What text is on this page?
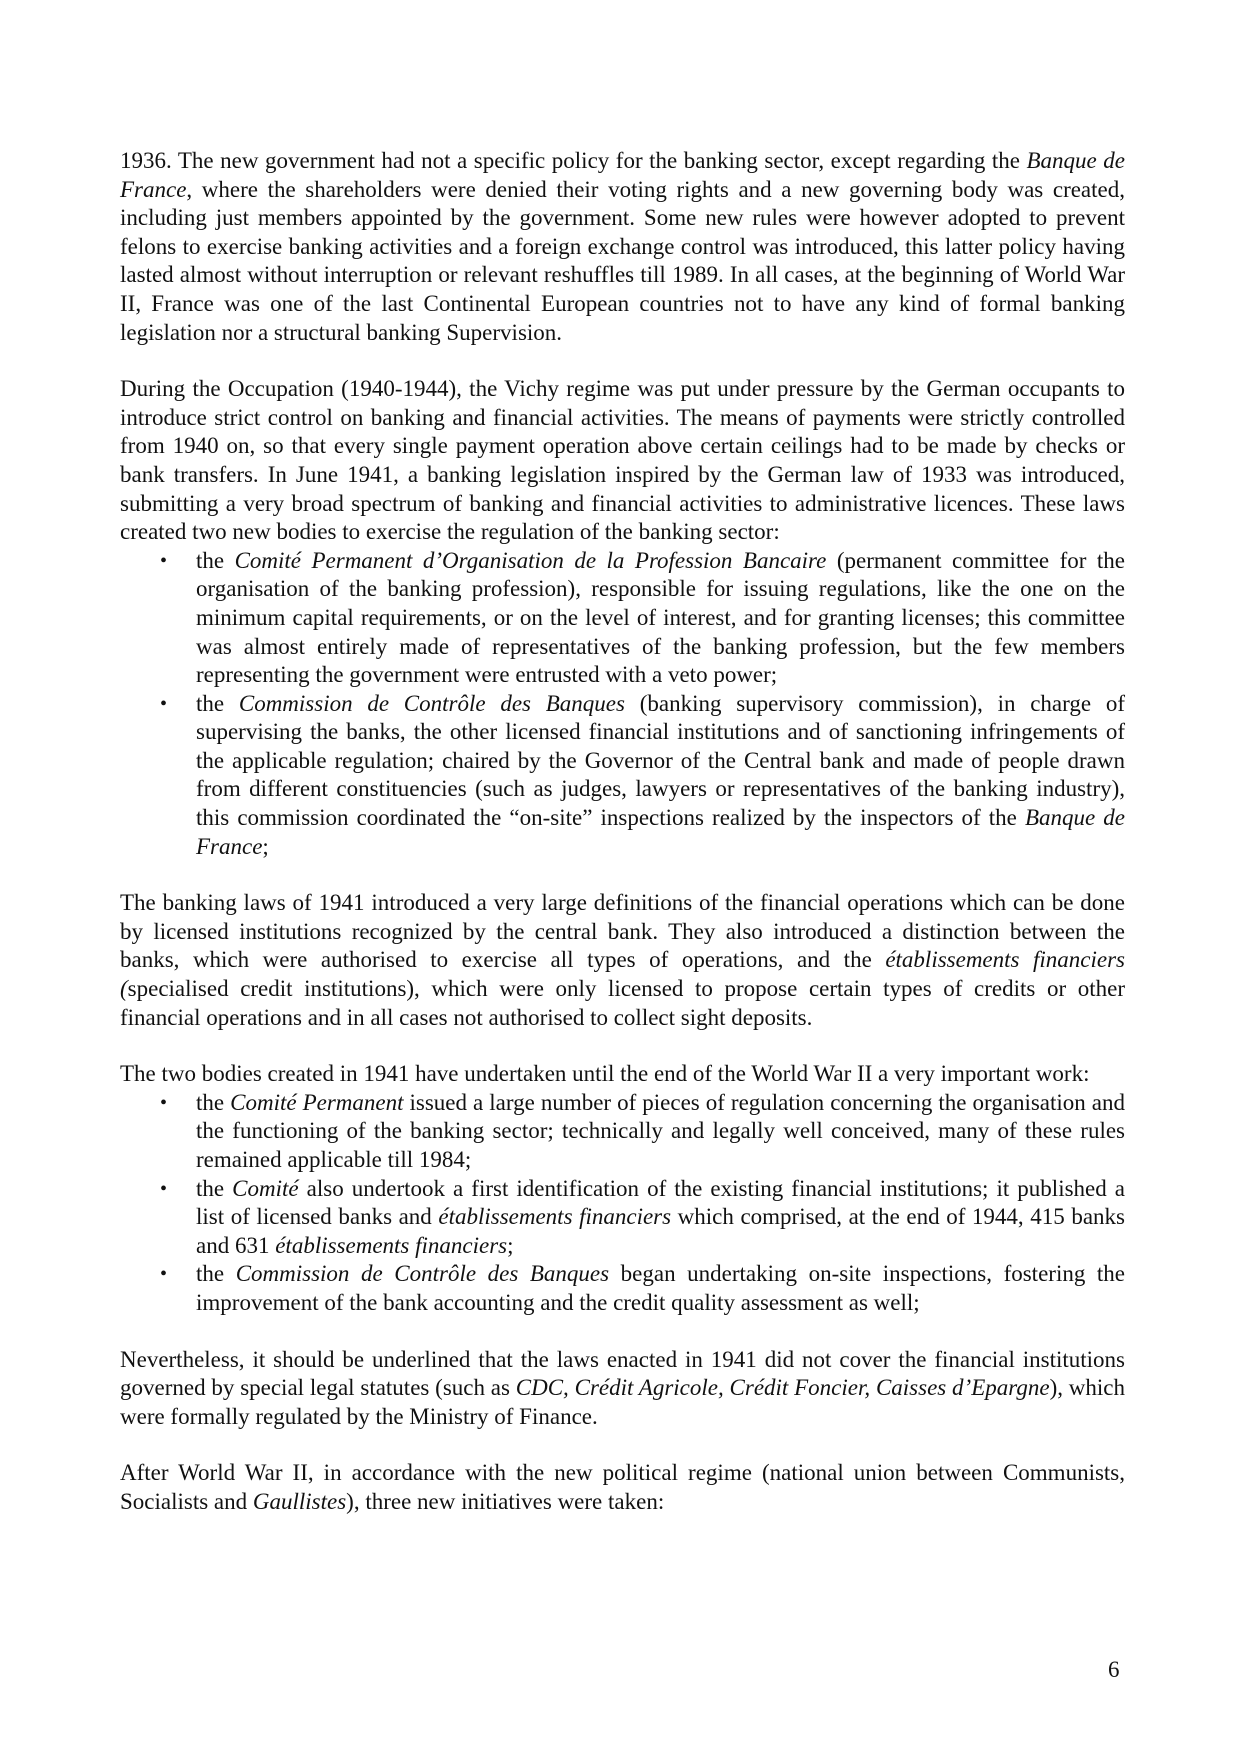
1936. The new government had not a specific policy for the banking sector, except regarding the Banque de France, where the shareholders were denied their voting rights and a new governing body was created, including just members appointed by the government. Some new rules were however adopted to prevent felons to exercise banking activities and a foreign exchange control was introduced, this latter policy having lasted almost without interruption or relevant reshuffles till 1989. In all cases, at the beginning of World War II, France was one of the last Continental European countries not to have any kind of formal banking legislation nor a structural banking Supervision.

During the Occupation (1940-1944), the Vichy regime was put under pressure by the German occupants to introduce strict control on banking and financial activities. The means of payments were strictly controlled from 1940 on, so that every single payment operation above certain ceilings had to be made by checks or bank transfers. In June 1941, a banking legislation inspired by the German law of 1933 was introduced, submitting a very broad spectrum of banking and financial activities to administrative licences. These laws created two new bodies to exercise the regulation of the banking sector:

• the Comité Permanent d’Organisation de la Profession Bancaire (permanent committee for the organisation of the banking profession), responsible for issuing regulations, like the one on the minimum capital requirements, or on the level of interest, and for granting licenses; this committee was almost entirely made of representatives of the banking profession, but the few members representing the government were entrusted with a veto power;
• the Commission de Contrôle des Banques (banking supervisory commission), in charge of supervising the banks, the other licensed financial institutions and of sanctioning infringements of the applicable regulation; chaired by the Governor of the Central bank and made of people drawn from different constituencies (such as judges, lawyers or representatives of the banking industry), this commission coordinated the “on-site” inspections realized by the inspectors of the Banque de France;

The banking laws of 1941 introduced a very large definitions of the financial operations which can be done by licensed institutions recognized by the central bank. They also introduced a distinction between the banks, which were authorised to exercise all types of operations, and the établissements financiers (specialised credit institutions), which were only licensed to propose certain types of credits or other financial operations and in all cases not authorised to collect sight deposits.

The two bodies created in 1941 have undertaken until the end of the World War II a very important work:

• the Comité Permanent issued a large number of pieces of regulation concerning the organisation and the functioning of the banking sector; technically and legally well conceived, many of these rules remained applicable till 1984;
• the Comité also undertook a first identification of the existing financial institutions; it published a list of licensed banks and établissements financiers which comprised, at the end of 1944, 415 banks and 631 établissements financiers;
• the Commission de Contrôle des Banques began undertaking on-site inspections, fostering the improvement of the bank accounting and the credit quality assessment as well;

Nevertheless, it should be underlined that the laws enacted in 1941 did not cover the financial institutions governed by special legal statutes (such as CDC, Crédit Agricole, Crédit Foncier, Caisses d’Epargne), which were formally regulated by the Ministry of Finance.

After World War II, in accordance with the new political regime (national union between Communists, Socialists and Gaullistes), three new initiatives were taken:

6
